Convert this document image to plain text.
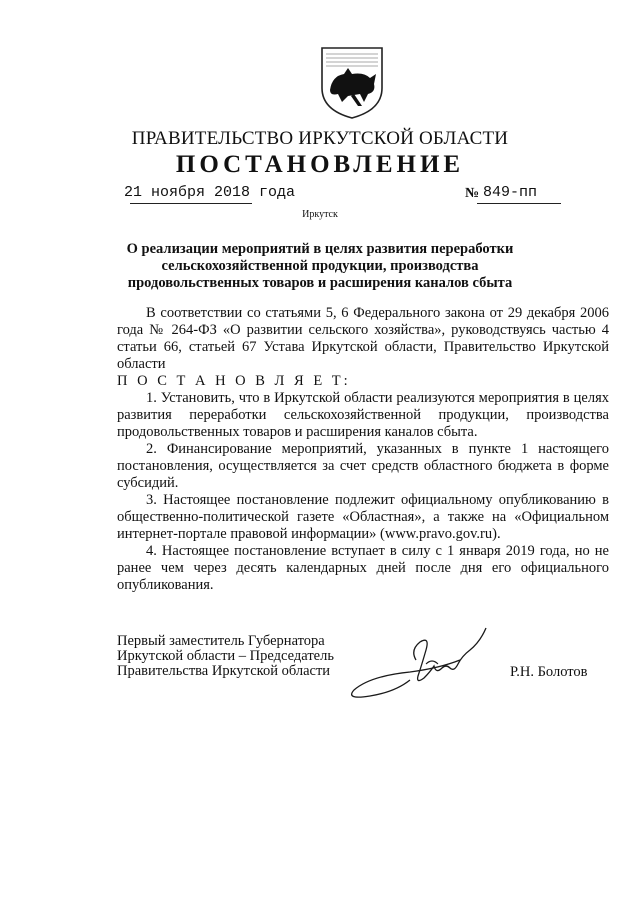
ПРАВИТЕЛЬСТВО ИРКУТСКОЙ ОБЛАСТИ
ПОСТАНОВЛЕНИЕ
21 ноября 2018 года	№ 849-пп
Иркутск
О реализации мероприятий в целях развития переработки сельскохозяйственной продукции, производства продовольственных товаров и расширения каналов сбыта

В соответствии со статьями 5, 6 Федерального закона от 29 декабря 2006 года № 264-ФЗ «О развитии сельского хозяйства», руководствуясь частью 4 статьи 66, статьей 67 Устава Иркутской области, Правительство Иркутской области

П О С Т А Н О В Л Я Е Т:

1. Установить, что в Иркутской области реализуются мероприятия в целях развития переработки сельскохозяйственной продукции, производства продовольственных товаров и расширения каналов сбыта.

2. Финансирование мероприятий, указанных в пункте 1 настоящего постановления, осуществляется за счет средств областного бюджета в форме субсидий.

3. Настоящее постановление подлежит официальному опубликованию в общественно-политической газете «Областная», а также на «Официальном интернет-портале правовой информации» (www.pravo.gov.ru).

4. Настоящее постановление вступает в силу с 1 января 2019 года, но не ранее чем через десять календарных дней после дня его официального опубликования.

Первый заместитель Губернатора
Иркутской области – Председатель
Правительства Иркутской области	Р.Н. Болотов
